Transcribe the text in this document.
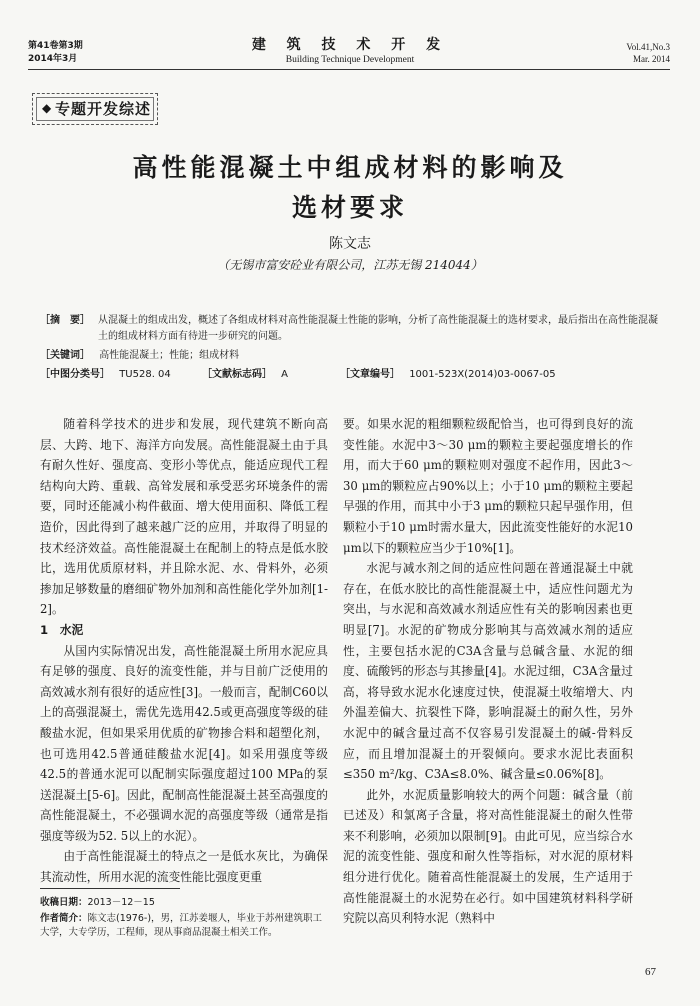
第41卷第3期
2014年3月
建 筑 技 术 开 发
Building Technique Development
Vol.41,No.3
Mar. 2014
◆ 专题开发综述
高性能混凝土中组成材料的影响及
选材要求
陈文志
（无锡市富安砼业有限公司，江苏无锡 214044）
［摘　要］ 从混凝土的组成出发，概述了各组成材料对高性能混凝土性能的影响，分析了高性能混凝土的选材要求，最后指出在高性能混凝土的组成材料方面有待进一步研究的问题。
［关键词］ 高性能混凝土；性能；组成材料
［中图分类号］ TU528. 04	［文献标志码］ A	［文章编号］ 1001-523X(2014)03-0067-05

随着科学技术的进步和发展，现代建筑不断向高层、大跨、地下、海洋方向发展。高性能混凝土由于具有耐久性好、强度高、变形小等优点，能适应现代工程结构向大跨、重载、高耸发展和承受恶劣环境条件的需要，同时还能减小构件截面、增大使用面积、降低工程造价，因此得到了越来越广泛的应用，并取得了明显的技术经济效益。高性能混凝土在配制上的特点是低水胶比，选用优质原材料，并且除水泥、水、骨料外，必须掺加足够数量的磨细矿物外加剂和高性能化学外加剂[1-2]。

1　水泥

从国内实际情况出发，高性能混凝土所用水泥应具有足够的强度、良好的流变性能，并与目前广泛使用的高效减水剂有很好的适应性[3]。一般而言，配制C60以上的高强混凝土，需优先选用42.5或更高强度等级的硅酸盐水泥，但如果采用优质的矿物掺合料和超塑化剂，也可选用42.5普通硅酸盐水泥[4]。如采用强度等级42.5的普通水泥可以配制实际强度超过100 MPa的泵送混凝土[5-6]。因此，配制高性能混凝土甚至高强度的高性能混凝土，不必强调水泥的高强度等级（通常是指强度等级为52. 5以上的水泥）。

由于高性能混凝土的特点之一是低水灰比，为确保其流动性，所用水泥的流变性能比强度更重

要。如果水泥的粗细颗粒级配恰当，也可得到良好的流变性能。水泥中3～30 μm的颗粒主要起强度增长的作用，而大于60 μm的颗粒则对强度不起作用，因此3～30 μm的颗粒应占90%以上；小于10 μm的颗粒主要起早强的作用，而其中小于3 μm的颗粒只起早强作用，但颗粒小于10 μm时需水量大，因此流变性能好的水泥10 μm以下的颗粒应当少于10%[1]。

水泥与减水剂之间的适应性问题在普通混凝土中就存在，在低水胶比的高性能混凝土中，适应性问题尤为突出，与水泥和高效减水剂适应性有关的影响因素也更明显[7]。水泥的矿物成分影响其与高效减水剂的适应性，主要包括水泥的C3A含量与总碱含量、水泥的细度、硫酸钙的形态与其掺量[4]。水泥过细，C3A含量过高，将导致水泥水化速度过快，使混凝土收缩增大、内外温差偏大、抗裂性下降，影响混凝土的耐久性，另外水泥中的碱含量过高不仅容易引发混凝土的碱-骨料反应，而且增加混凝土的开裂倾向。要求水泥比表面积≤350 m²/kg、C3A≤8.0%、碱含量≤0.06%[8]。

此外，水泥质量影响较大的两个问题：碱含量（前已述及）和氯离子含量，将对高性能混凝土的耐久性带来不利影响，必须加以限制[9]。由此可见，应当综合水泥的流变性能、强度和耐久性等指标，对水泥的原材料组分进行优化。随着高性能混凝土的发展，生产适用于高性能混凝土的水泥势在必行。如中国建筑材料科学研究院以高贝利特水泥（熟料中

收稿日期：2013－12－15
作者简介：陈文志(1976-)，男，江苏姜堰人，毕业于苏州建筑职工大学，大专学历，工程师，现从事商品混凝土相关工作。
67
